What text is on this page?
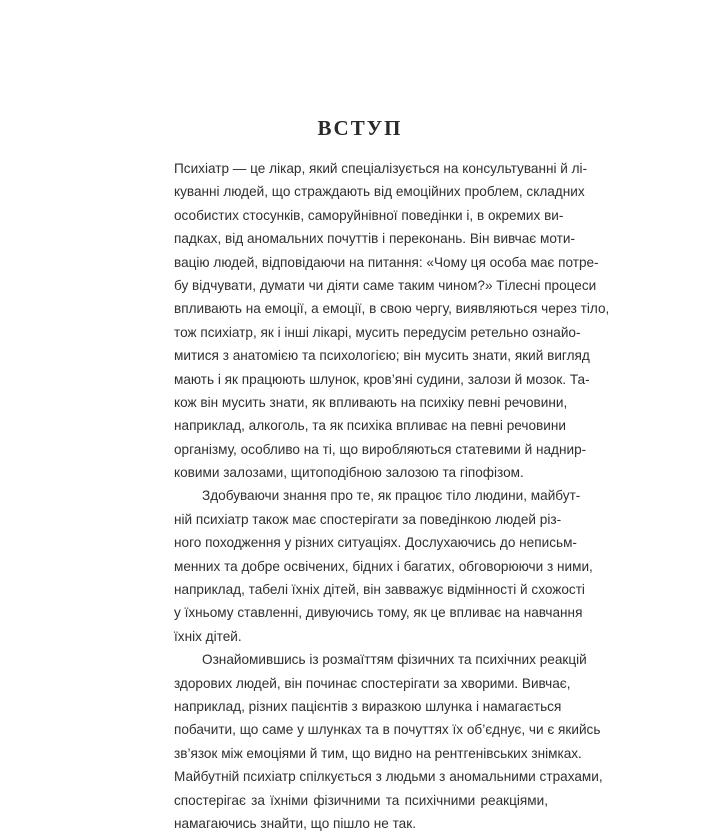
ВСТУП
Психіатр — це лікар, який спеціалізується на консультуванні й лі-
куванні людей, що страждають від емоційних проблем, складних
особистих стосунків, саморуйнівної поведінки і, в окремих ви-
падках, від аномальних почуттів і переконань. Він вивчає моти-
вацію людей, відповідаючи на питання: «Чому ця особа має потре-
бу відчувати, думати чи діяти саме таким чином?» Тілесні процеси
впливають на емоції, а емоції, в свою чергу, виявляються через тіло,
тож психіатр, як і інші лікарі, мусить передусім ретельно ознайо-
митися з анатомією та психологією; він мусить знати, який вигляд
мають і як працюють шлунок, кров’яні судини, залози й мозок. Та-
кож він мусить знати, як впливають на психіку певні речовини,
наприклад, алкоголь, та як психіка впливає на певні речовини
організму, особливо на ті, що виробляються статевими й наднир-
ковими залозами, щитоподібною залозою та гіпофізом.
Здобуваючи знання про те, як працює тіло людини, майбут-
ній психіатр також має спостерігати за поведінкою людей різ-
ного походження у різних ситуаціях. Дослухаючись до неписьм-
менних та добре освічених, бідних і багатих, обговорюючи з ними,
наприклад, табелі їхніх дітей, він завважує відмінності й схожості
у їхньому ставленні, дивуючись тому, як це впливає на навчання
їхніх дітей.
Ознайомившись із розмаїттям фізичних та психічних реакцій
здорових людей, він починає спостерігати за хворими. Вивчає,
наприклад, різних пацієнтів з виразкою шлунка і намагається
побачити, що саме у шлунках та в почуттях їх об’єднує, чи є якийсь
зв’язок між емоціями й тим, що видно на рентгенівських знімках.
Майбутній психіатр спілкується з людьми з аномальними страхами,
спостерігає за їхніми фізичними та психічними реакціями,
намагаючись знайти, що пішло не так.
